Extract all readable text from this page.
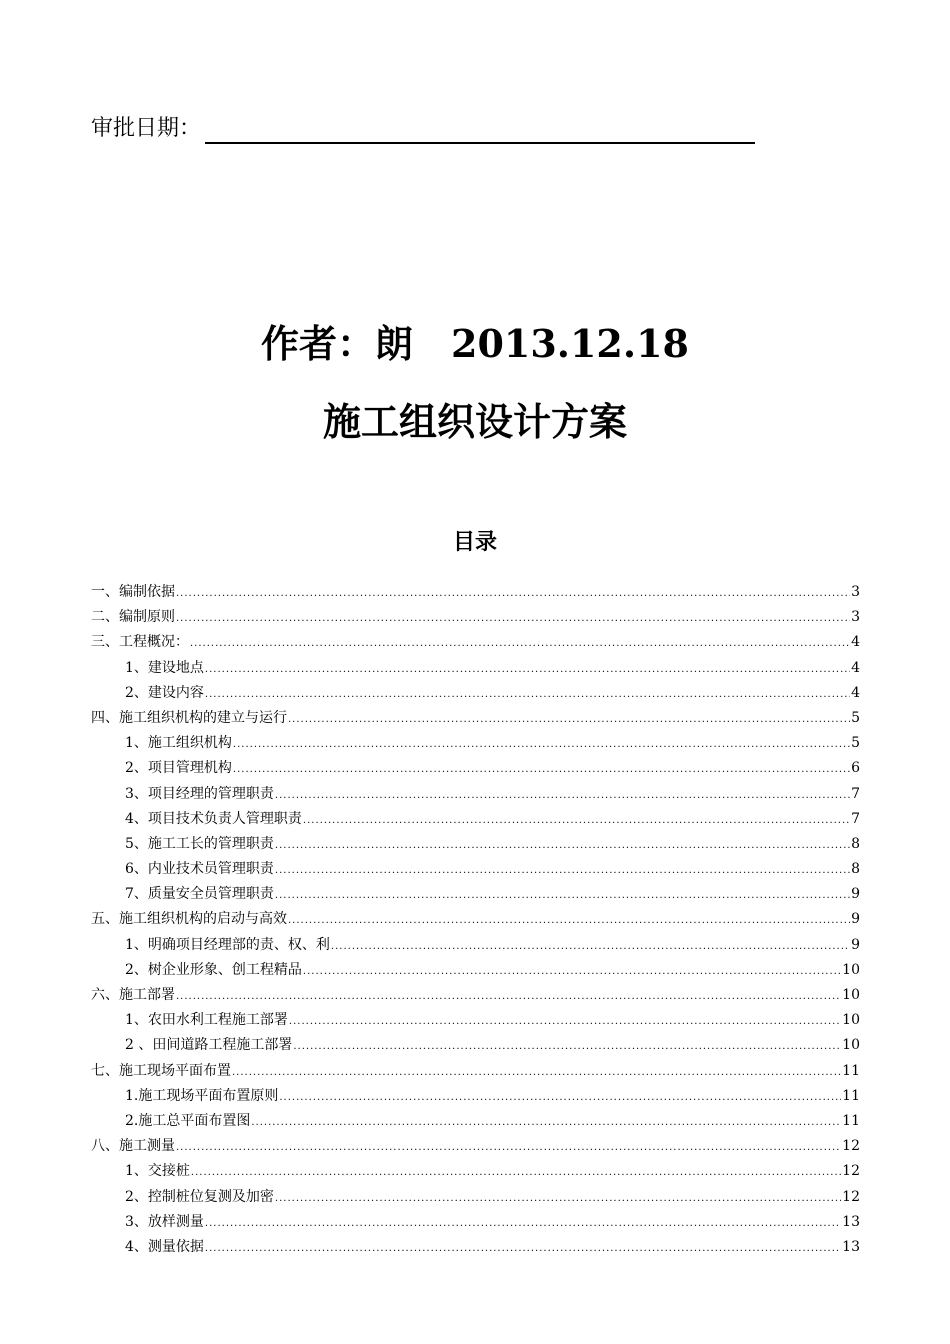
审批日期：
作者：朗　2013.12.18
施工组织设计方案
目录
一、编制依据 .....	3
二、编制原则 .....	3
三、工程概况： .....	4
1、建设地点 .....	4
2、建设内容 .....	4
四、施工组织机构的建立与运行 .....	5
1、施工组织机构 .....	5
2、项目管理机构 .....	6
3、项目经理的管理职责 .....	7
4、项目技术负责人管理职责 .....	7
5、施工工长的管理职责 .....	8
6、内业技术员管理职责 .....	8
7、质量安全员管理职责 .....	9
五、施工组织机构的启动与高效 .....	9
1、明确项目经理部的责、权、利 .....	9
2、树企业形象、创工程精品 .....	10
六、施工部署 .....	10
1、农田水利工程施工部署 .....	10
2 、田间道路工程施工部署 .....	10
七、施工现场平面布置 .....	11
1.施工现场平面布置原则 .....	11
2.施工总平面布置图 .....	11
八、施工测量 .....	12
1、交接桩 .....	12
2、控制桩位复测及加密 .....	12
3、放样测量 .....	13
4、测量依据 .....	13
